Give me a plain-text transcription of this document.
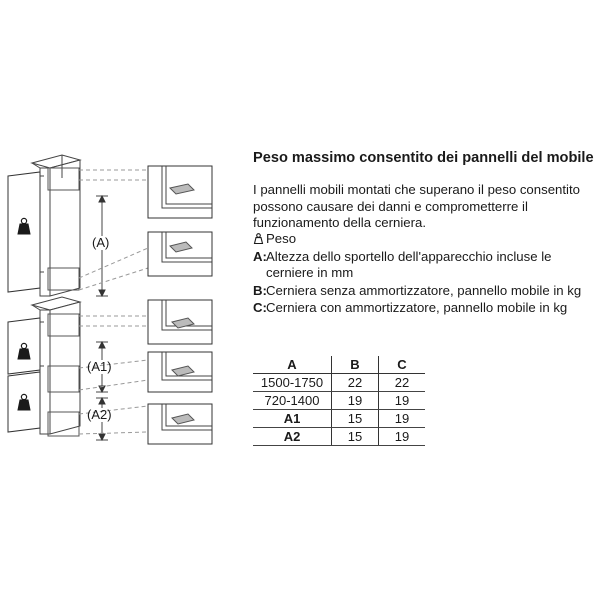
(A)
(A1)
(A2)
Peso massimo consentito dei pannelli del mobile
I pannelli mobili montati che superano il peso consentito possono causare dei danni e comprometterre il funzionamento della cerniera.
Peso
A: Altezza dello sportello dell'apparecchio incluse le cerniere in mm
B: Cerniera senza ammortizzatore, pannello mobile in kg
C: Cerniera con ammortizzatore, pannello mobile in kg
A	B	C
1500-1750	22	22
720-1400	19	19
A1	15	19
A2	15	19
